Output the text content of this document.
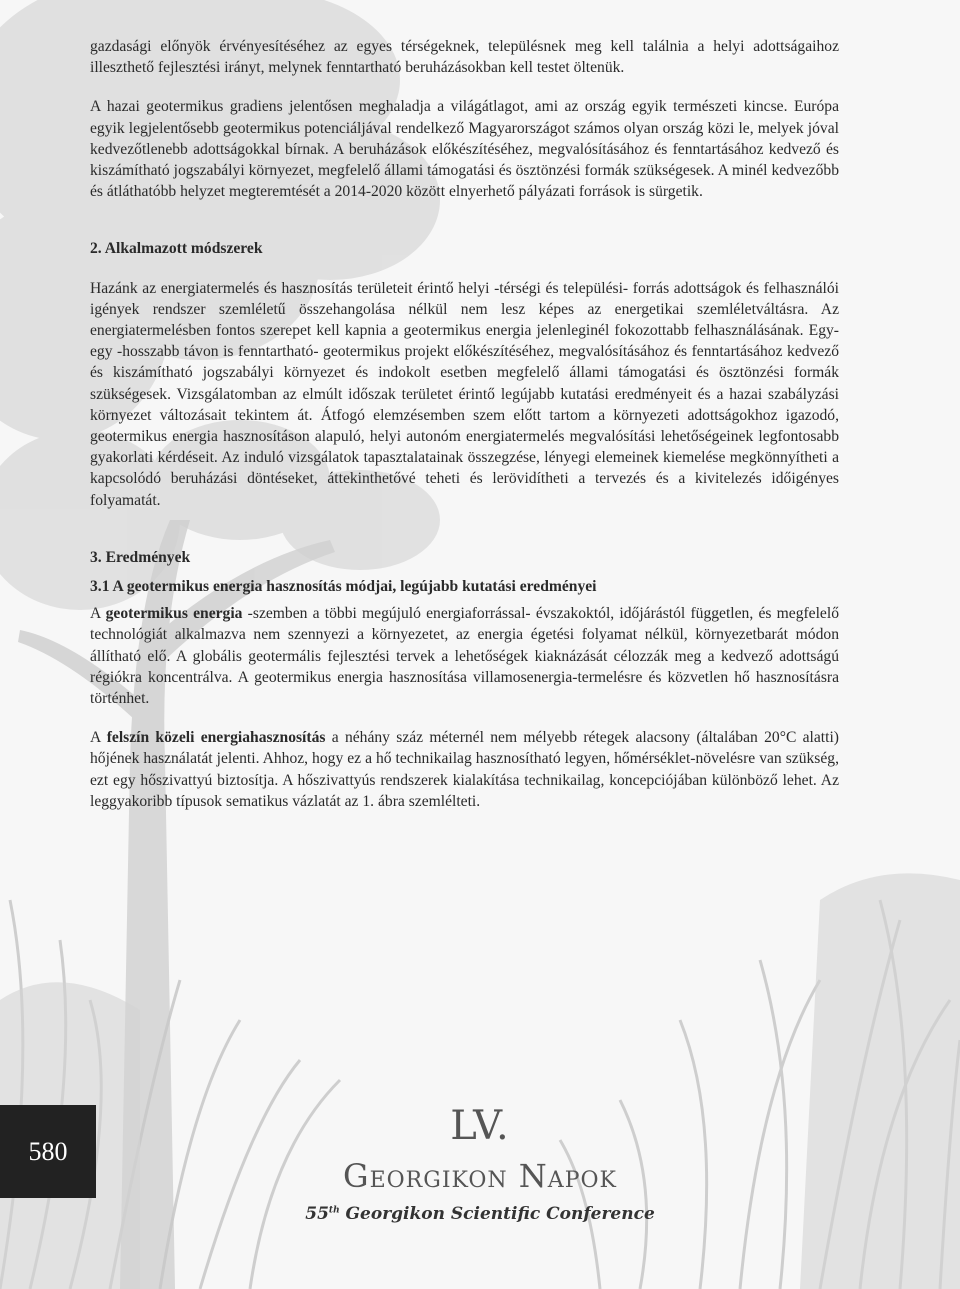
gazdasági előnyök érvényesítéséhez az egyes térségeknek, településnek meg kell találnia a helyi adottságaihoz illeszthető fejlesztési irányt, melynek fenntartható beruházásokban kell testet öltenük.

A hazai geotermikus gradiens jelentősen meghaladja a világátlagot, ami az ország egyik természeti kincse. Európa egyik legjelentősebb geotermikus potenciáljával rendelkező Magyarországot számos olyan ország közi le, melyek jóval kedvezőtlenebb adottságokkal bírnak. A beruházások előkészítéséhez, megvalósításához és fenntartásához kedvező és kiszámítható jogszabályi környezet, megfelelő állami támogatási és ösztönzési formák szükségesek. A minél kedvezőbb és átláthatóbb helyzet megteremtését a 2014-2020 között elnyerhető pályázati források is sürgetik.

2. Alkalmazott módszerek

Hazánk az energiatermelés és hasznosítás területeit érintő helyi -térségi és települési- forrás adottságok és felhasználói igények rendszer szemléletű összehangolása nélkül nem lesz képes az energetikai szemléletváltásra. Az energiatermelésben fontos szerepet kell kapnia a geotermikus energia jelenleginél fokozottabb felhasználásának. Egy-egy -hosszabb távon is fenntartható- geotermikus projekt előkészítéséhez, megvalósításához és fenntartásához kedvező és kiszámítható jogszabályi környezet és indokolt esetben megfelelő állami támogatási és ösztönzési formák szükségesek. Vizsgálatomban az elmúlt időszak területet érintő legújabb kutatási eredményeit és a hazai szabályzási környezet változásait tekintem át. Átfogó elemzésemben szem előtt tartom a környezeti adottságokhoz igazodó, geotermikus energia hasznosításon alapuló, helyi autonóm energiatermelés megvalósítási lehetőségeinek legfontosabb gyakorlati kérdéseit. Az induló vizsgálatok tapasztalatainak összegzése, lényegi elemeinek kiemelése megkönnyítheti a kapcsolódó beruházási döntéseket, áttekinthetővé teheti és lerövidítheti a tervezés és a kivitelezés időigényes folyamatát.

3. Eredmények

3.1 A geotermikus energia hasznosítás módjai, legújabb kutatási eredményei

A geotermikus energia -szemben a többi megújuló energiaforrással- évszakoktól, időjárástól független, és megfelelő technológiát alkalmazva nem szennyezi a környezetet, az energia égetési folyamat nélkül, környezetbarát módon állítható elő. A globális geotermális fejlesztési tervek a lehetőségek kiaknázását célozzák meg a kedvező adottságú régiókra koncentrálva. A geotermikus energia hasznosítása villamosenergia-termelésre és közvetlen hő hasznosításra történhet.

A felszín közeli energiahasznosítás a néhány száz méternél nem mélyebb rétegek alacsony (általában 20°C alatti) hőjének használatát jelenti. Ahhoz, hogy ez a hő technikailag hasznosítható legyen, hőmérséklet-növelésre van szükség, ezt egy hőszivattyú biztosítja. A hőszivattyús rendszerek kialakítása technikailag, koncepciójában különböző lehet. Az leggyakoribb típusok sematikus vázlatát az 1. ábra szemlélteti.

580
LV.
Georgikon Napok
55th Georgikon Scientific Conference
